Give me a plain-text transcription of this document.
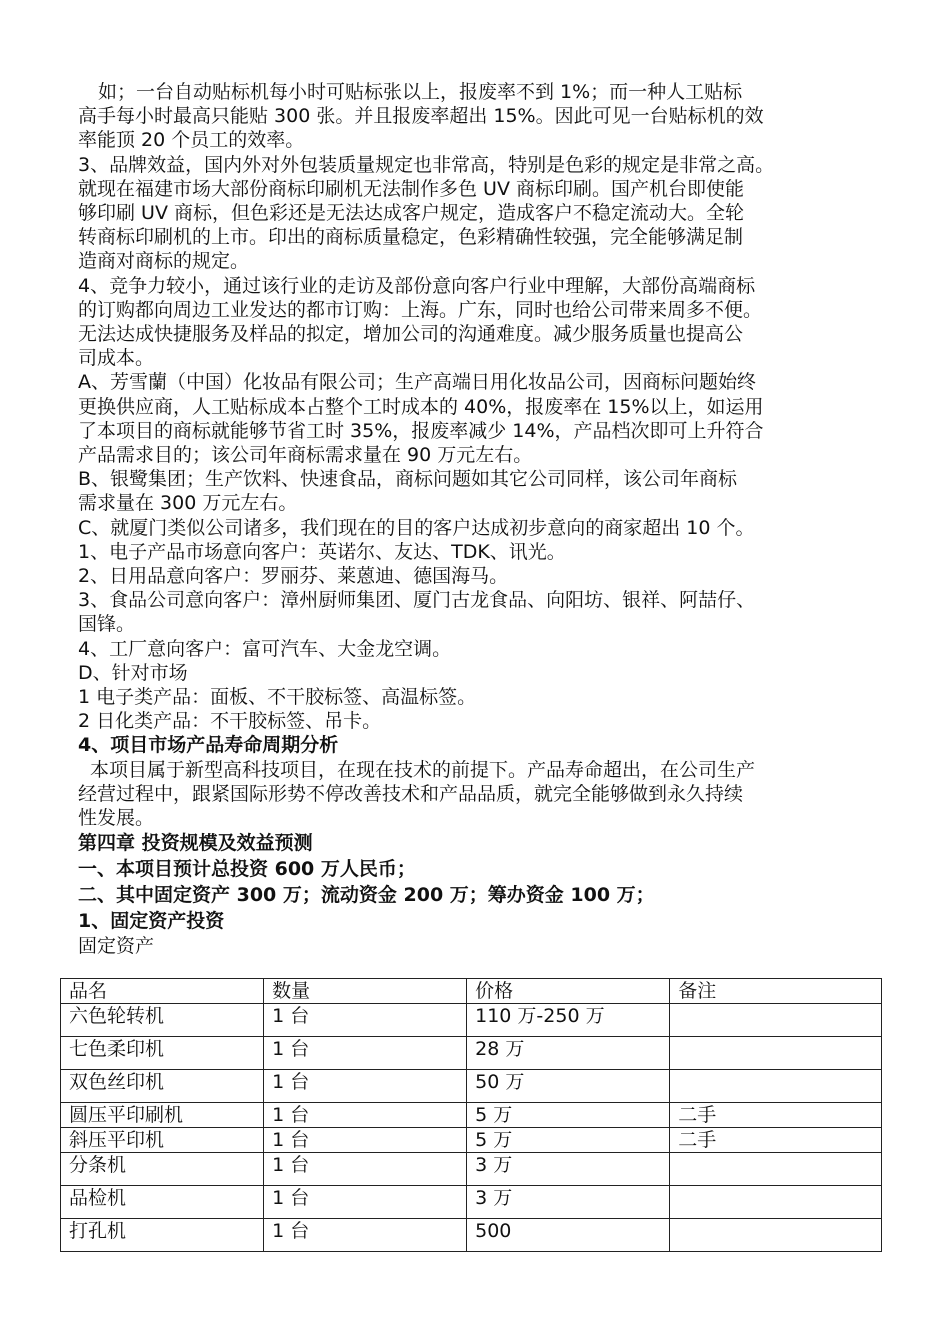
如；一台自动贴标机每小时可贴标张以上，报废率不到 1%；而一种人工贴标

高手每小时最高只能贴 300 张。并且报废率超出 15%。因此可见一台贴标机的效

率能顶 20 个员工的效率。

3、品牌效益，国内外对外包装质量规定也非常高，特别是色彩的规定是非常之高。

就现在福建市场大部份商标印刷机无法制作多色 UV 商标印刷。国产机台即使能

够印刷 UV 商标，但色彩还是无法达成客户规定，造成客户不稳定流动大。全轮

转商标印刷机的上市。印出的商标质量稳定，色彩精确性较强，完全能够满足制

造商对商标的规定。

4、竞争力较小，通过该行业的走访及部份意向客户行业中理解，大部份高端商标

的订购都向周边工业发达的都市订购：上海。广东，同时也给公司带来周多不便。

无法达成快捷服务及样品的拟定，增加公司的沟通难度。减少服务质量也提高公

司成本。

A、芳雪蘭（中国）化妆品有限公司；生产高端日用化妆品公司，因商标问题始终

更换供应商，人工贴标成本占整个工时成本的 40%，报废率在 15%以上，如运用

了本项目的商标就能够节省工时 35%，报废率减少 14%，产品档次即可上升符合

产品需求目的；该公司年商标需求量在 90 万元左右。

B、银鹭集团；生产饮料、快速食品，商标问题如其它公司同样，该公司年商标

需求量在 300 万元左右。

C、就厦门类似公司诸多，我们现在的目的客户达成初步意向的商家超出 10 个。

1、电子产品市场意向客户：英诺尔、友达、TDK、讯光。

2、日用品意向客户：罗丽芬、莱蒽迪、德国海马。

3、食品公司意向客户：漳州厨师集团、厦门古龙食品、向阳坊、银祥、阿喆仔、

国锋。

4、工厂意向客户：富可汽车、大金龙空调。

D、针对市场

1 电子类产品：面板、不干胶标签、高温标签。

2 日化类产品：不干胶标签、吊卡。

4、项目市场产品寿命周期分析

本项目属于新型高科技项目，在现在技术的前提下。产品寿命超出，在公司生产

经营过程中，跟紧国际形势不停改善技术和产品品质，就完全能够做到永久持续

性发展。

第四章 投资规模及效益预测

一、本项目预计总投资 600 万人民币；

二、其中固定资产 300 万；流动资金 200 万；筹办资金 100 万；

1、固定资产投资

固定资产

品名	数量	价格	备注
六色轮转机	1 台	110 万-250 万	
七色柔印机	1 台	28 万	
双色丝印机	1 台	50 万	
圆压平印刷机	1 台	5 万	二手
斜压平印机	1 台	5 万	二手
分条机	1 台	3 万	
品检机	1 台	3 万	
打孔机	1 台	500	
